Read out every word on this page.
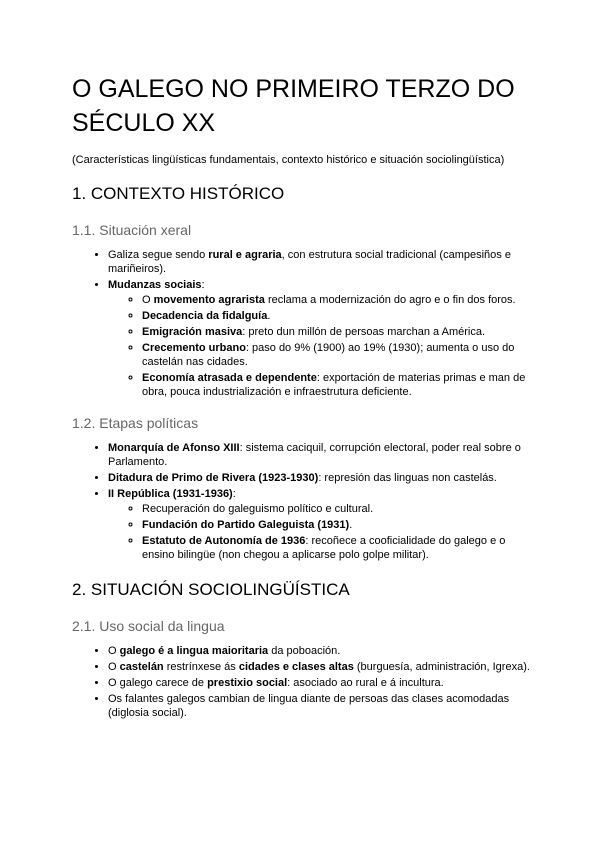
O GALEGO NO PRIMEIRO TERZO DO SÉCULO XX

(Características lingüísticas fundamentais, contexto histórico e situación sociolingüística)

1. CONTEXTO HISTÓRICO
1.1. Situación xeral
• Galiza segue sendo rural e agraria, con estrutura social tradicional (campesiños e mariñeiros).
• Mudanzas sociais:
◦ O movemento agrarista reclama a modernización do agro e o fin dos foros.
◦ Decadencia da fidalguía.
◦ Emigración masiva: preto dun millón de persoas marchan a América.
◦ Crecemento urbano: paso do 9% (1900) ao 19% (1930); aumenta o uso do castelán nas cidades.
◦ Economía atrasada e dependente: exportación de materias primas e man de obra, pouca industrialización e infraestrutura deficiente.
1.2. Etapas políticas
• Monarquía de Afonso XIII: sistema caciquil, corrupción electoral, poder real sobre o Parlamento.
• Ditadura de Primo de Rivera (1923-1930): represión das linguas non castelás.
• II República (1931-1936):
◦ Recuperación do galeguismo político e cultural.
◦ Fundación do Partido Galeguista (1931).
◦ Estatuto de Autonomía de 1936: recoñece a cooficialidade do galego e o ensino bilingüe (non chegou a aplicarse polo golpe militar).
2. SITUACIÓN SOCIOLINGÜÍSTICA
2.1. Uso social da lingua
• O galego é a lingua maioritaria da poboación.
• O castelán restrínxese ás cidades e clases altas (burguesía, administración, Igrexa).
• O galego carece de prestixio social: asociado ao rural e á incultura.
• Os falantes galegos cambian de lingua diante de persoas das clases acomodadas (diglosia social).
